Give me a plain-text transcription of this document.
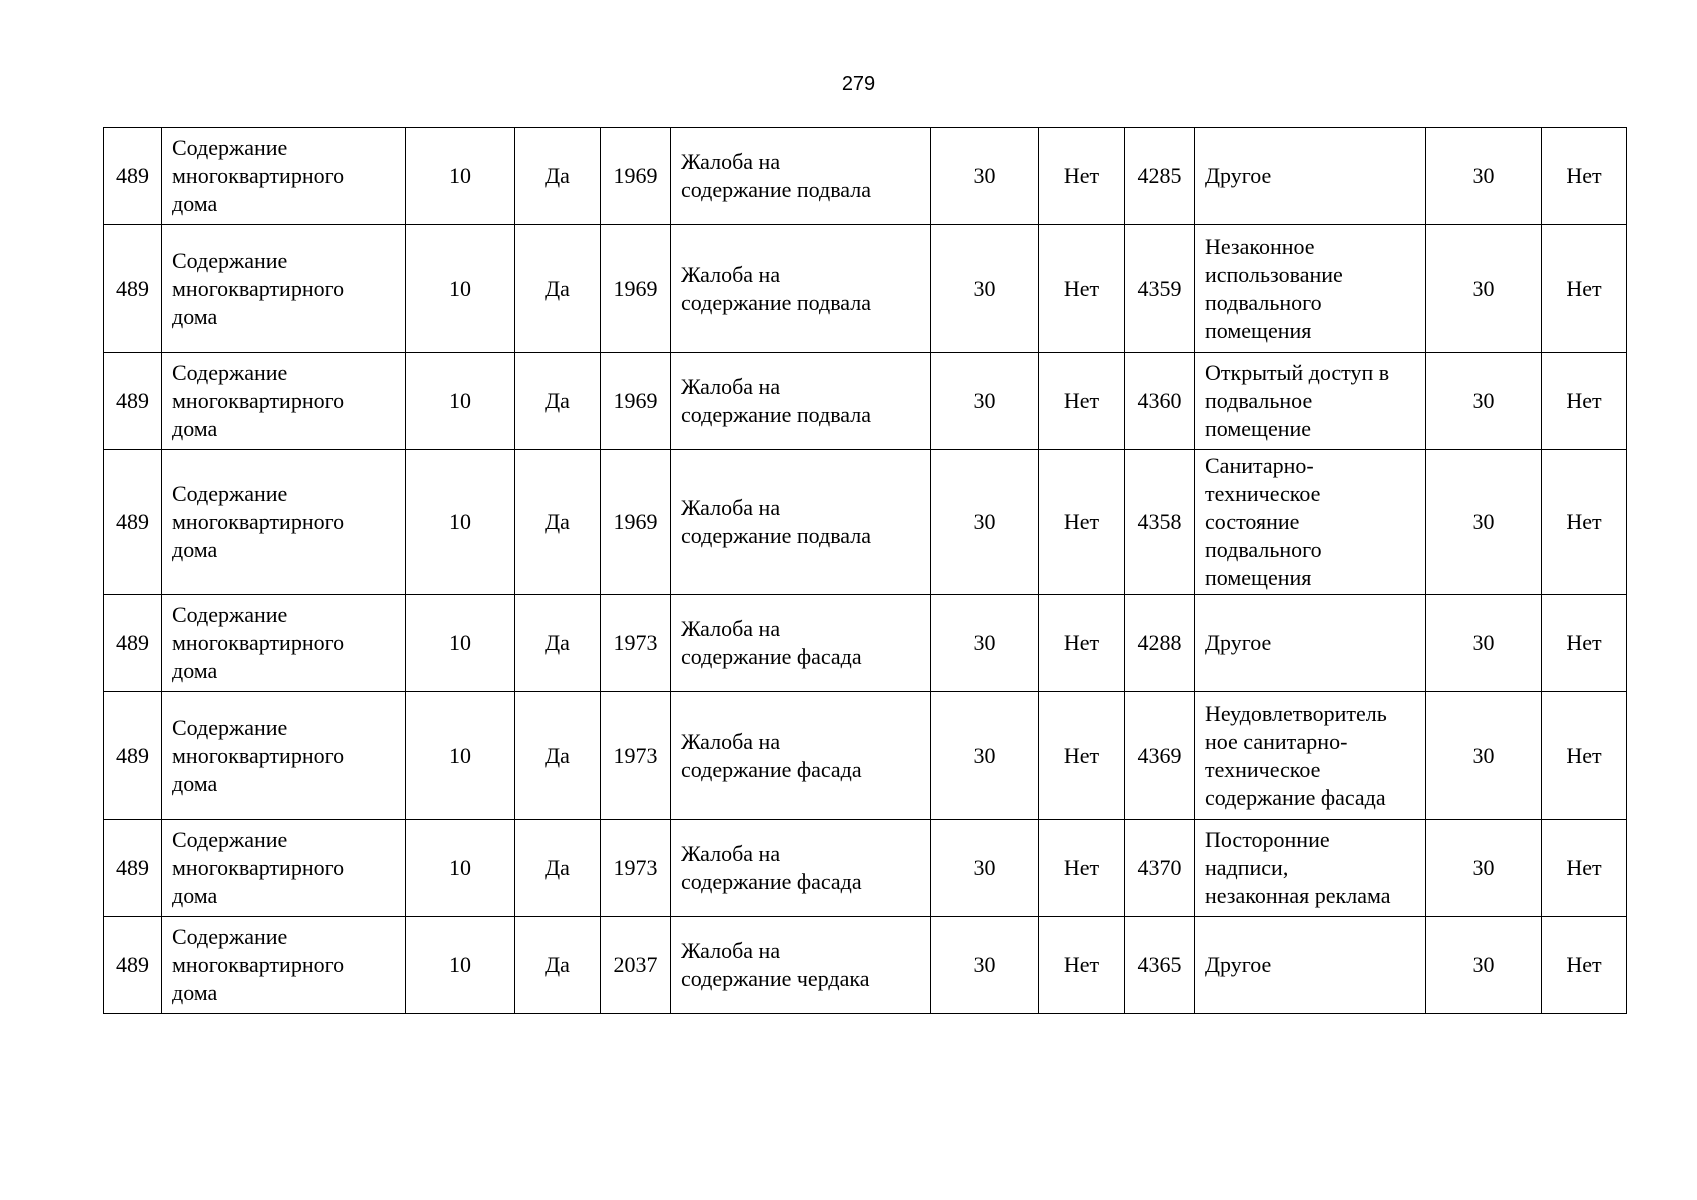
279
489	Содержание
многоквартирного
дома	10	Да	1969	Жалоба на
содержание подвала	30	Нет	4285	Другое	30	Нет
489	Содержание
многоквартирного
дома	10	Да	1969	Жалоба на
содержание подвала	30	Нет	4359	Незаконное
использование
подвального
помещения	30	Нет
489	Содержание
многоквартирного
дома	10	Да	1969	Жалоба на
содержание подвала	30	Нет	4360	Открытый доступ в
подвальное
помещение	30	Нет
489	Содержание
многоквартирного
дома	10	Да	1969	Жалоба на
содержание подвала	30	Нет	4358	Санитарно-
техническое
состояние
подвального
помещения	30	Нет
489	Содержание
многоквартирного
дома	10	Да	1973	Жалоба на
содержание фасада	30	Нет	4288	Другое	30	Нет
489	Содержание
многоквартирного
дома	10	Да	1973	Жалоба на
содержание фасада	30	Нет	4369	Неудовлетворитель
ное санитарно-
техническое
содержание фасада	30	Нет
489	Содержание
многоквартирного
дома	10	Да	1973	Жалоба на
содержание фасада	30	Нет	4370	Посторонние
надписи,
незаконная реклама	30	Нет
489	Содержание
многоквартирного
дома	10	Да	2037	Жалоба на
содержание чердака	30	Нет	4365	Другое	30	Нет
